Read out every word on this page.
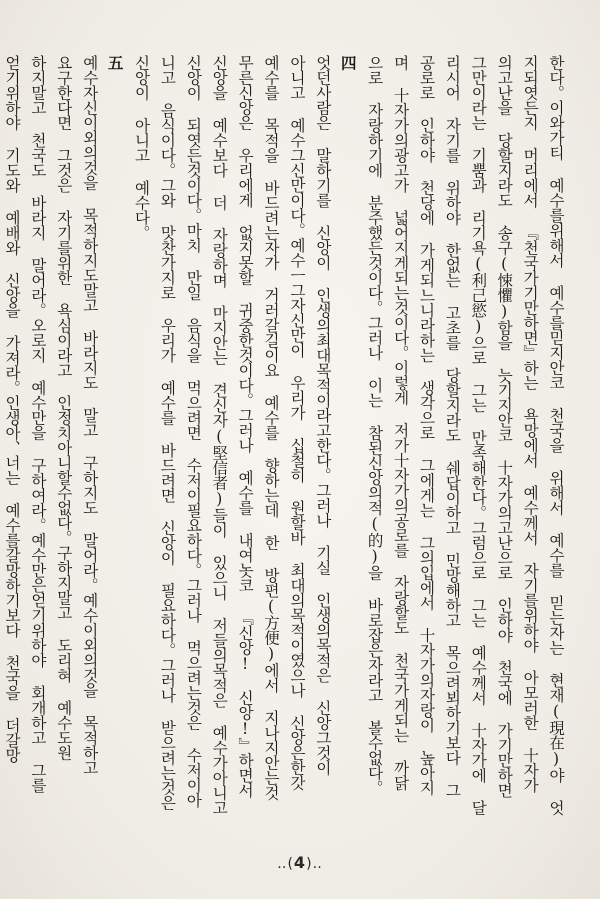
한다。이와가티 예수를위해서 예수를믿지안코 천국을 위해서 예수를 믿는자는 현재(現在)야 엇
지되엿든지 머리에서 『천국가기만하면』하는 욕망에서 예수께서 자기를위하야 아모러한 十자가
의고난을 당할지라도 송구(悚懼)함을 늣기지안코 十자가의고난으로 인하야 천국에 가기만하면
그만이라는 기뿜과 리기욕(利己慾)으로 그는 만족해한다。그럼으로 그는 예수께서 十자가에 달
리시어 자기를 위하야 한없는 고초를 당할지라도 쉐답이하고 민망해하고 목으려뵈하기보다 그
공로로 인하야 천당에 가게되느니라하는 생각으로 그에게는 그의입에서 十자가의자랑이 높아지
며 十자가의광고가 넓어지게되는것이다。이렇게 저가十자가의공로를 자랑할도 천국가게되는 까닭
으로 자랑하기에 분주했든것이다。그러나 이는 참된신앙의적(的)을 바로잡은자라고 볼수없다。
四
엇던사람은 말하기를 신앙이 인생의최대목적이라고한다。그러나 기실 인생의목적은 신앙그것이
아니고 예수그신만이다。예수ㅡ그자신만이 우리가 십철히 원할바 최대의목적이였으나 신앙은한갓
예수를 목적을 바드려는자가 거러갈길이요 예수를 향하는데 한 방편(方便)에서 지나지안는것
무른신앙은 우리에게 없지못할 귀중한것이다。그러나 예수를 내여놋코 『신앙! 신앙!』하면서
신앙을 예수보다 더 자랑하며 마지안는 견신자(堅信者)들이 있으니 저들의목적은 예수가아니고
신앙이 되엿든것이다。마치 만일 음식을 먹으려면 수저이필요하다。그러나 먹으려는것은 수저이아
니고 음식이다。그와 맛찬가지로 우리가 예수를 바드려면 신앙이 필요하다。그러나 받으려는것은
신앙이 아니고 예수다。
五
예수자신이외의것을 목적하지도말고 바라지도 말고 구하지도 말어라。예수이외의것을 목적하고
요구한다면 그것은 자기를위한 욕심이라고 인정치아니할수없다。구하지말고 도리혀 예수도원
하지말고 천국도 바라지 말어라。오로지 예수만을 구하여라。예수만은얻기위하야 회개하고 그를
얻기위하야 기도와 예배와 신앙을 가져라。인생아、너는 예수를갈망하기보다 천국을 더갈망
‥(4)‥
